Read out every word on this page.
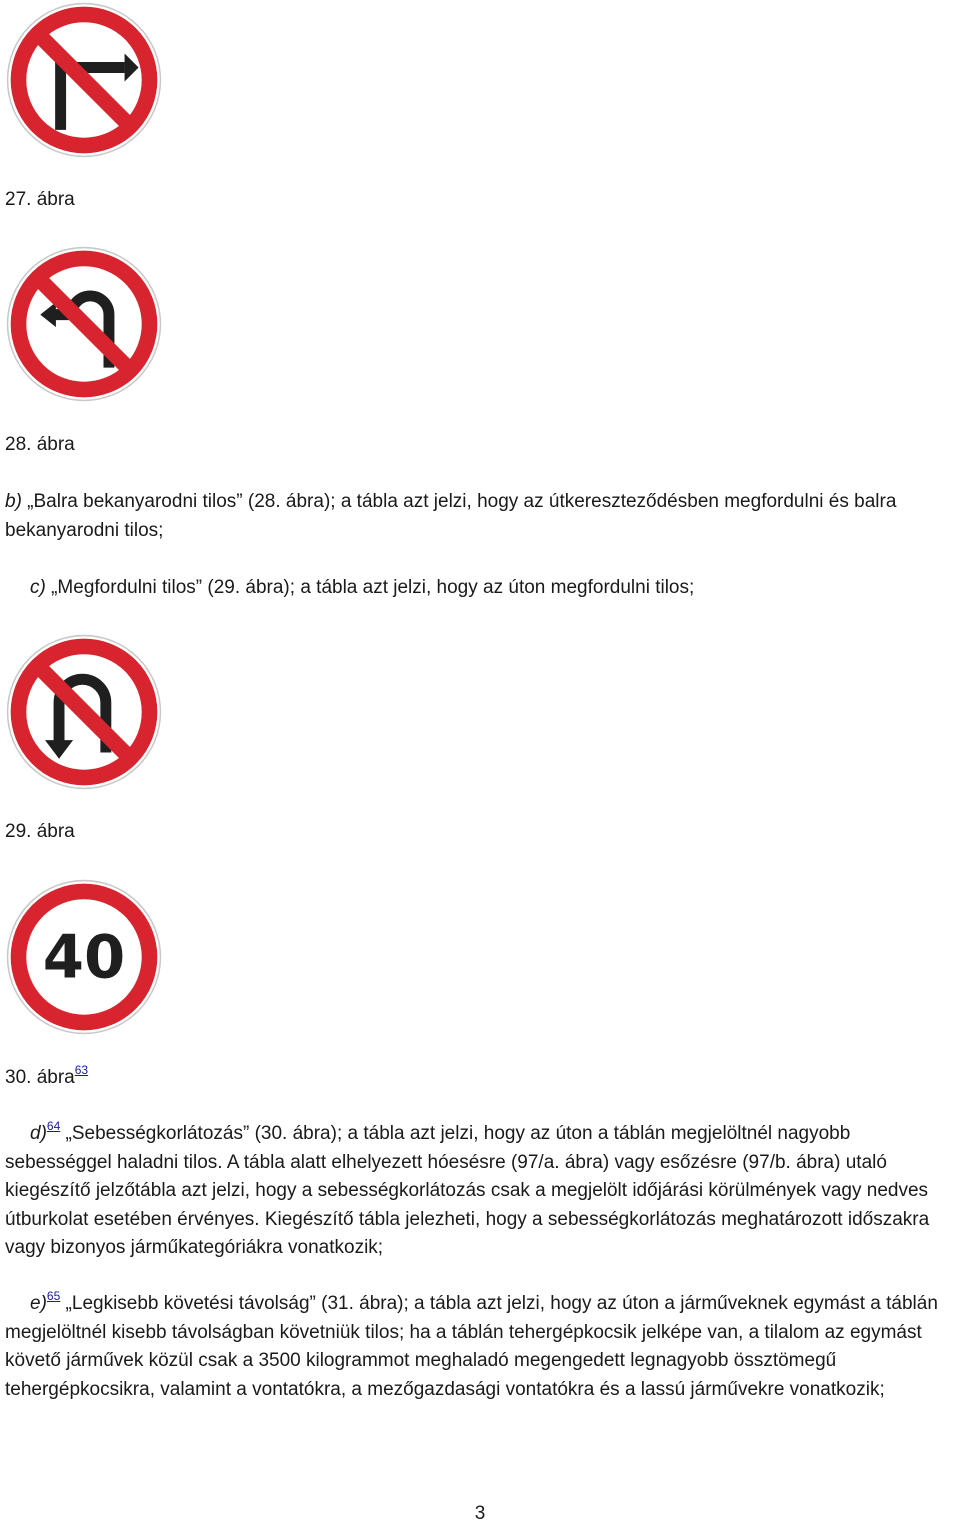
27. ábra
28. ábra
b) „Balra bekanyarodni tilos” (28. ábra); a tábla azt jelzi, hogy az útkereszteződésben megfordulni és balra bekanyarodni tilos;
c) „Megfordulni tilos” (29. ábra); a tábla azt jelzi, hogy az úton megfordulni tilos;
29. ábra
40
30. ábra$^{63}$
d)$^{64}$ „Sebességkorlátozás” (30. ábra); a tábla azt jelzi, hogy az úton a táblán megjelöltnél nagyobb sebességgel haladni tilos. A tábla alatt elhelyezett hóesésre (97/a. ábra) vagy esőzésre (97/b. ábra) utaló kiegészítő jelzőtábla azt jelzi, hogy a sebességkorlátozás csak a megjelölt időjárási körülmények vagy nedves útburkolat esetében érvényes. Kiegészítő tábla jelezheti, hogy a sebességkorlátozás meghatározott időszakra vagy bizonyos járműkategóriákra vonatkozik;
e)$^{65}$ „Legkisebb követési távolság” (31. ábra); a tábla azt jelzi, hogy az úton a járműveknek egymást a táblán megjelöltnél kisebb távolságban követniük tilos; ha a táblán tehergépkocsik jelképe van, a tilalom az egymást követő járművek közül csak a 3500 kilogrammot meghaladó megengedett legnagyobb össztömegű tehergépkocsikra, valamint a vontatókra, a mezőgazdasági vontatókra és a lassú járművekre vonatkozik;
3
